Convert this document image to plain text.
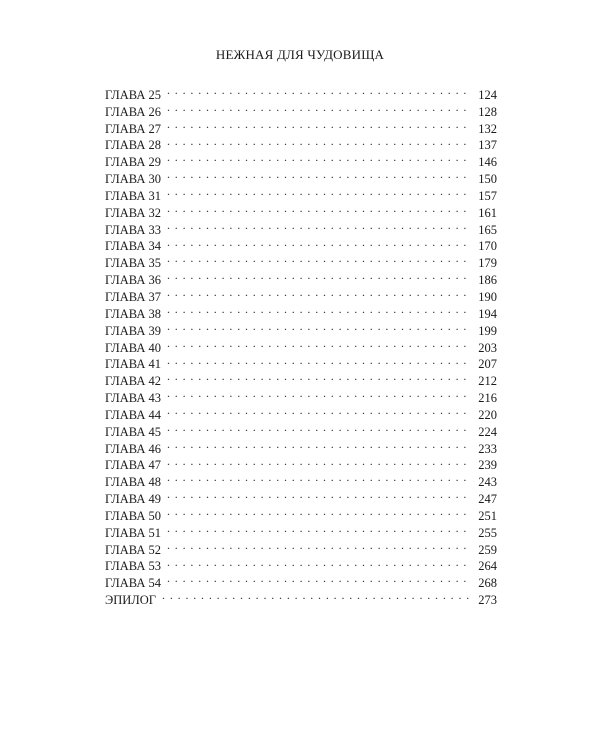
НЕЖНАЯ ДЛЯ ЧУДОВИЩА
ГЛАВА 25 . . .	124
ГЛАВА 26 . . .	128
ГЛАВА 27 . . .	132
ГЛАВА 28 . . .	137
ГЛАВА 29 . . .	146
ГЛАВА 30 . . .	150
ГЛАВА 31 . . .	157
ГЛАВА 32 . . .	161
ГЛАВА 33 . . .	165
ГЛАВА 34 . . .	170
ГЛАВА 35 . . .	179
ГЛАВА 36 . . .	186
ГЛАВА 37 . . .	190
ГЛАВА 38 . . .	194
ГЛАВА 39 . . .	199
ГЛАВА 40 . . .	203
ГЛАВА 41 . . .	207
ГЛАВА 42 . . .	212
ГЛАВА 43 . . .	216
ГЛАВА 44 . . .	220
ГЛАВА 45 . . .	224
ГЛАВА 46 . . .	233
ГЛАВА 47 . . .	239
ГЛАВА 48 . . .	243
ГЛАВА 49 . . .	247
ГЛАВА 50 . . .	251
ГЛАВА 51 . . .	255
ГЛАВА 52 . . .	259
ГЛАВА 53 . . .	264
ГЛАВА 54 . . .	268
ЭПИЛОГ . . .	273
